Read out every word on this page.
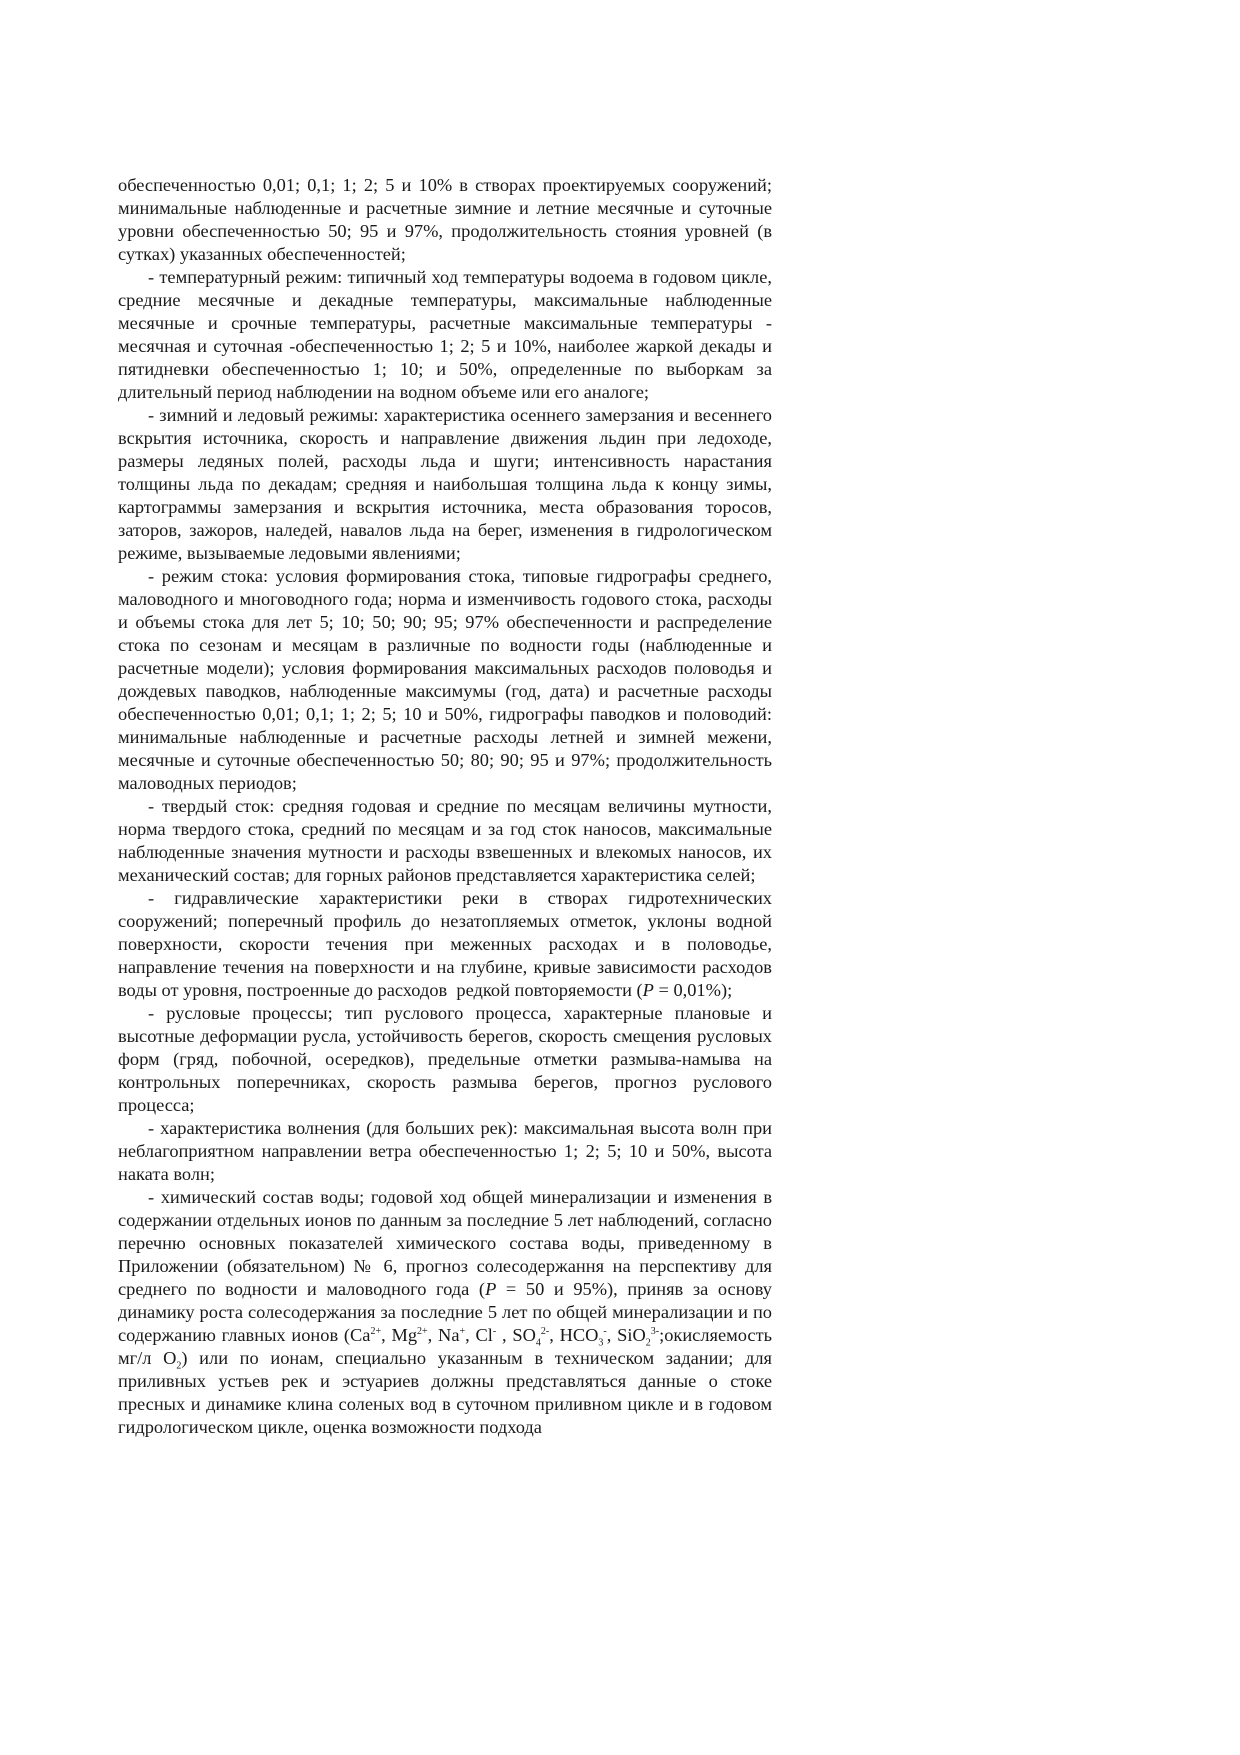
обеспеченностью 0,01; 0,1; 1; 2; 5 и 10% в створах проектируемых сооружений; минимальные наблюденные и расчетные зимние и летние месячные и суточные уровни обеспеченностью 50; 95 и 97%, продолжительность стояния уровней (в сутках) указанных обеспеченностей;

- температурный режим: типичный ход температуры водоема в годовом цикле, средние месячные и декадные температуры, максимальные наблюденные месячные и срочные температуры, расчетные максимальные температуры - месячная и суточная -обеспеченностью 1; 2; 5 и 10%, наиболее жаркой декады и пятидневки обеспеченностью 1; 10; и 50%, определенные по выборкам за длительный период наблюдении на водном объеме или его аналоге;

- зимний и ледовый режимы: характеристика осеннего замерзания и весеннего вскрытия источника, скорость и направление движения льдин при ледоходе, размеры ледяных полей, расходы льда и шуги; интенсивность нарастания толщины льда по декадам; средняя и наибольшая толщина льда к концу зимы, картограммы замерзания и вскрытия источника, места образования торосов, заторов, зажоров, наледей, навалов льда на берег, изменения в гидрологическом режиме, вызываемые ледовыми явлениями;

- режим стока: условия формирования стока, типовые гидрографы среднего, маловодного и многоводного года; норма и изменчивость годового стока, расходы и объемы стока для лет 5; 10; 50; 90; 95; 97% обеспеченности и распределение стока по сезонам и месяцам в различные по водности годы (наблюденные и расчетные модели); условия формирования максимальных расходов половодья и дождевых паводков, наблюденные максимумы (год, дата) и расчетные расходы обеспеченностью 0,01; 0,1; 1; 2; 5; 10 и 50%, гидрографы паводков и половодий: минимальные наблюденные и расчетные расходы летней и зимней межени, месячные и суточные обеспеченностью 50; 80; 90; 95 и 97%; продолжительность маловодных периодов;

- твердый сток: средняя годовая и средние по месяцам величины мутности, норма твердого стока, средний по месяцам и за год сток наносов, максимальные наблюденные значения мутности и расходы взвешенных и влекомых наносов, их механический состав; для горных районов представляется характеристика селей;

- гидравлические характеристики реки в створах гидротехнических сооружений; поперечный профиль до незатопляемых отметок, уклоны водной поверхности, скорости течения при меженных расходах и в половодье, направление течения на поверхности и на глубине, кривые зависимости расходов воды от уровня, построенные до расходов  редкой повторяемости (P = 0,01%);

- русловые процессы; тип руслового процесса, характерные плановые и высотные деформации русла, устойчивость берегов, скорость смещения русловых форм (гряд, побочной, осередков), предельные отметки размыва-намыва на контрольных поперечниках, скорость размыва берегов, прогноз руслового процесса;

- характеристика волнения (для больших рек): максимальная высота волн при неблагоприятном направлении ветра обеспеченностью 1; 2; 5; 10 и 50%, высота наката волн;

- химический состав воды; годовой ход общей минерализации и изменения в содержании отдельных ионов по данным за последние 5 лет наблюдений, согласно перечню основных показателей химического состава воды, приведенному в Приложении (обязательном) № 6, прогноз солесодержання на перспективу для среднего по водности и маловодного года (P = 50 и 95%), приняв за основу динамику роста солесодержания за последние 5 лет по общей минерализации и по содержанию главных ионов ($Ca^{2+}$, $Mg^{2+}$, Na+, Cl- , $SO_4^{2-}$, $HCO_3^-$, SiO$_2^{3-}$;окисляемость мг/л $O_2$) или по ионам, специально указанным в техническом задании; для приливных устьев рек и эстуариев должны представляться данные о стоке пресных и динамике клина соленых вод в суточном приливном цикле и в годовом гидрологическом цикле, оценка возможности подхода
